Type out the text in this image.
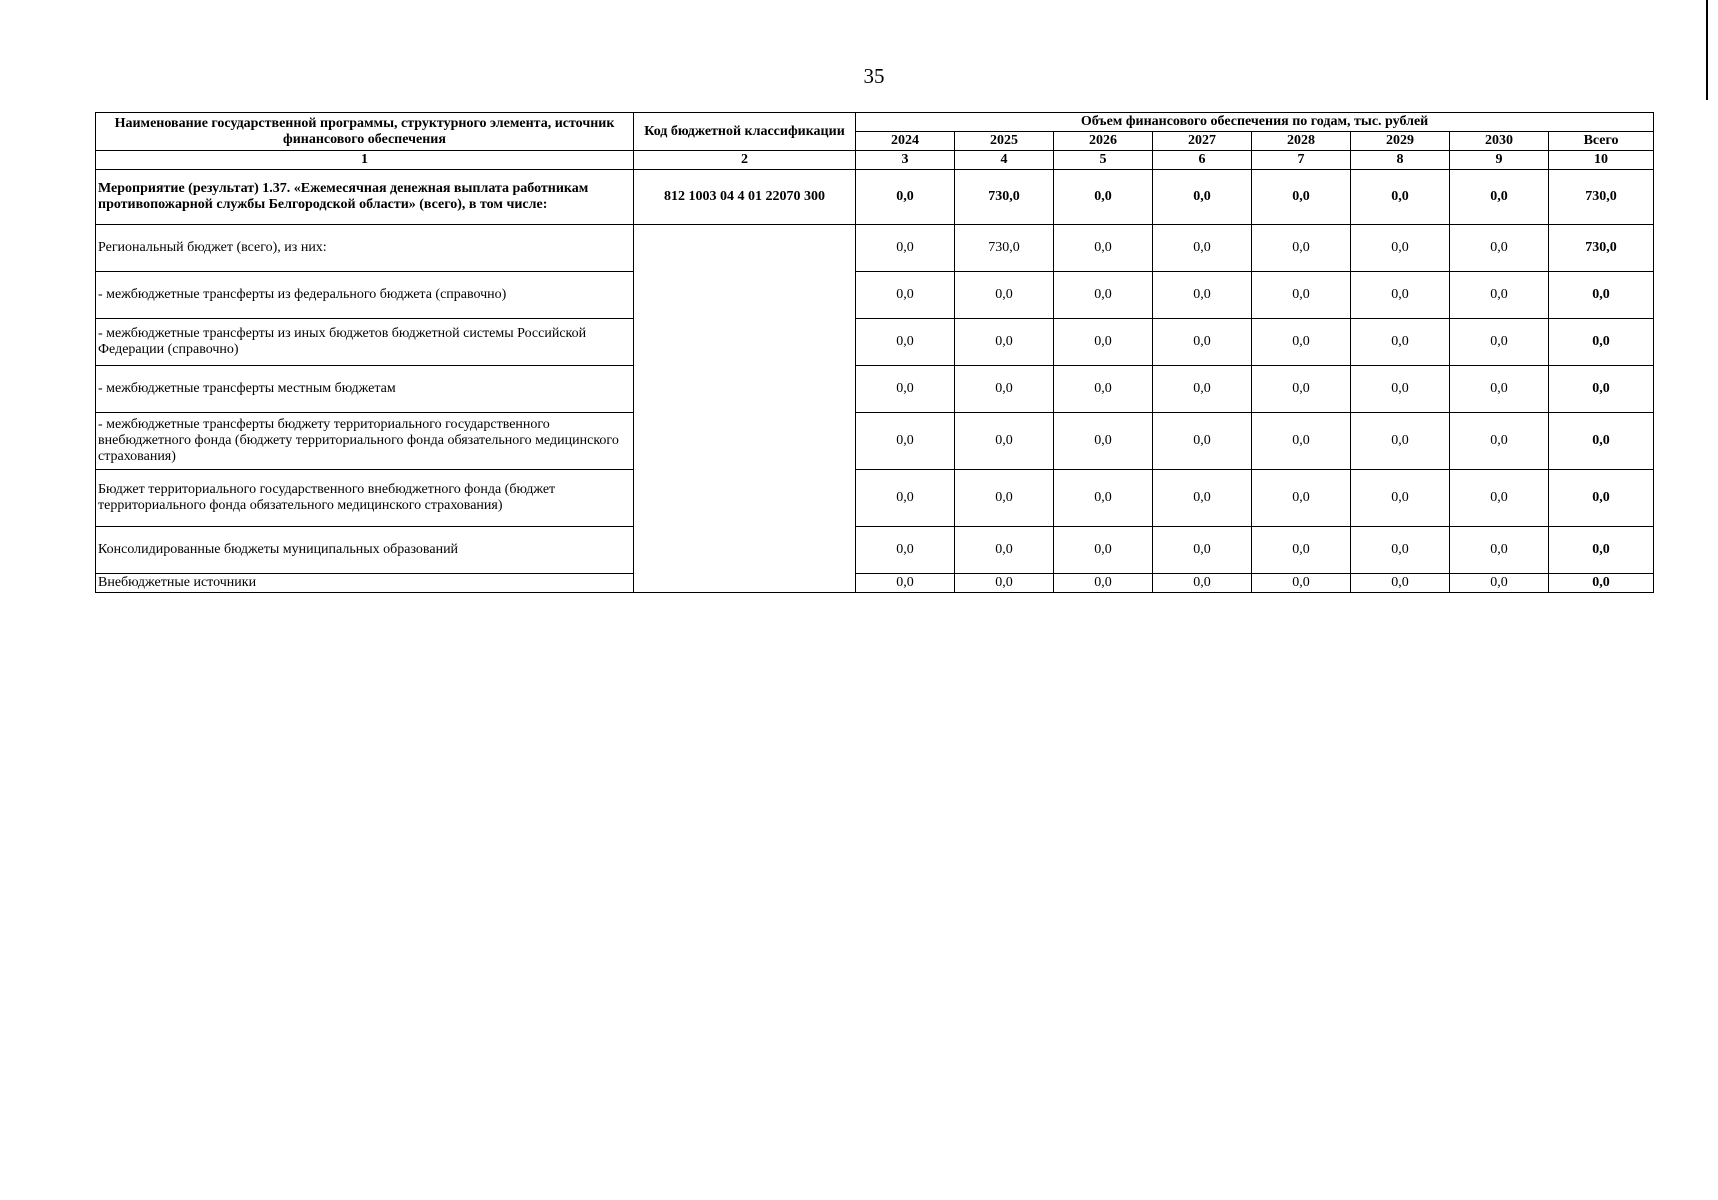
35
Наименование государственной программы, структурного элемента, источник финансового обеспечения	Код бюджетной классификации	Объем финансового обеспечения по годам, тыс. рублей							
		2024	2025	2026	2027	2028	2029	2030	Всего
1	2	3	4	5	6	7	8	9	10
Мероприятие (результат) 1.37. «Ежемесячная денежная выплата работникам противопожарной службы Белгородской области» (всего), в том числе:	812 1003 04 4 01 22070 300	0,0	730,0	0,0	0,0	0,0	0,0	0,0	730,0
Региональный бюджет (всего), из них:		0,0	730,0	0,0	0,0	0,0	0,0	0,0	730,0
- межбюджетные трансферты из федерального бюджета (справочно)		0,0	0,0	0,0	0,0	0,0	0,0	0,0	0,0
- межбюджетные трансферты из иных бюджетов бюджетной системы Российской Федерации (справочно)		0,0	0,0	0,0	0,0	0,0	0,0	0,0	0,0
- межбюджетные трансферты местным бюджетам		0,0	0,0	0,0	0,0	0,0	0,0	0,0	0,0
- межбюджетные трансферты бюджету территориального государственного внебюджетного фонда (бюджету территориального фонда обязательного медицинского страхования)		0,0	0,0	0,0	0,0	0,0	0,0	0,0	0,0
Бюджет территориального государственного внебюджетного фонда (бюджет территориального фонда обязательного медицинского страхования)		0,0	0,0	0,0	0,0	0,0	0,0	0,0	0,0
Консолидированные бюджеты муниципальных образований		0,0	0,0	0,0	0,0	0,0	0,0	0,0	0,0
Внебюджетные источники		0,0	0,0	0,0	0,0	0,0	0,0	0,0	0,0
